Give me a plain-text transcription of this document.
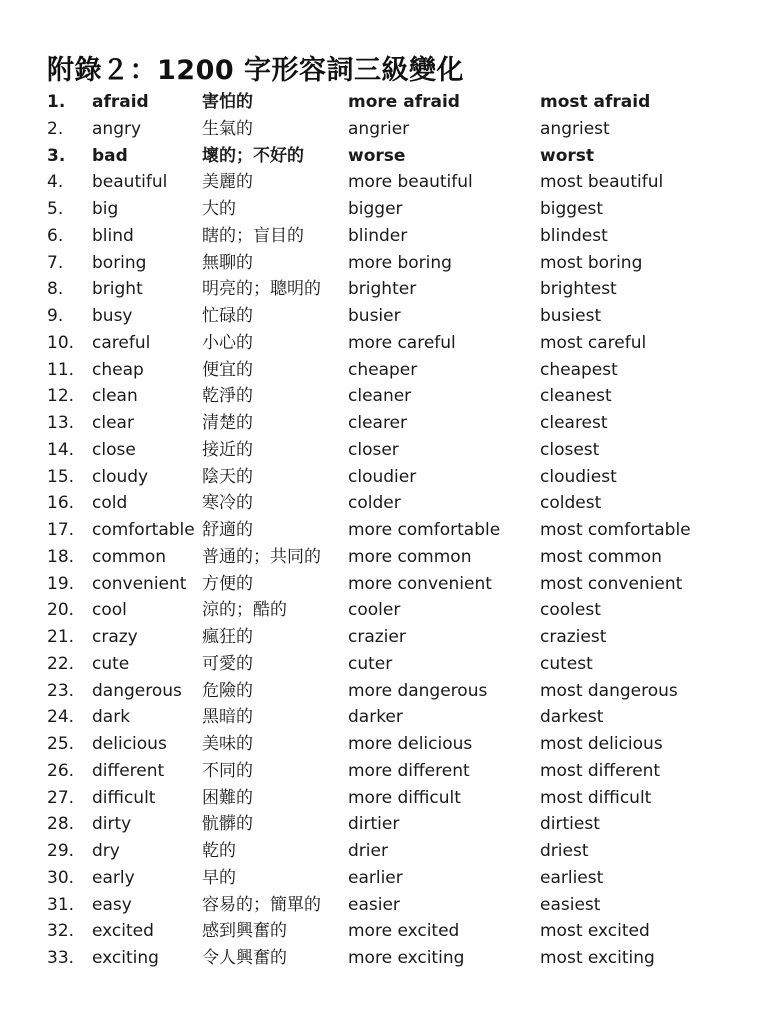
附錄２：1200 字形容詞三級變化
1. afraid	害怕的	more afraid	most afraid
2. angry	生氣的	angrier	angriest
3. bad	壞的；不好的	worse	worst
4. beautiful 美麗的	more beautiful	most beautiful
5. big	大的	bigger	biggest
6. blind	瞎的；盲目的	blinder	blindest
7. boring	無聊的	more boring	most boring
8. bright	明亮的；聰明的 brighter	brightest
9. busy	忙碌的	busier	busiest
10. careful	小心的	more careful	most careful
11. cheap	便宜的	cheaper	cheapest
12. clean	乾淨的	cleaner	cleanest
13. clear	清楚的	clearer	clearest
14. close	接近的	closer	closest
15. cloudy	陰天的	cloudier	cloudiest
16. cold	寒冷的	colder	coldest
17. comfortable 舒適的	more comfortable most comfortable
18. common 普通的；共同的 more common	most common
19. convenient 方便的	more convenient	most convenient
20. cool	涼的；酷的	cooler	coolest
21. crazy	瘋狂的	crazier	craziest
22. cute	可愛的	cuter	cutest
23. dangerous 危險的	more dangerous	most dangerous
24. dark	黑暗的	darker	darkest
25. delicious 美味的	more delicious	most delicious
26. different 不同的	more different	most different
27. difficult	困難的	more difficult	most difficult
28. dirty	骯髒的	dirtier	dirtiest
29. dry	乾的	drier	driest
30. early	早的	earlier	earliest
31. easy	容易的；簡單的 easier	easiest
32. excited	感到興奮的	more excited	most excited
33. exciting	令人興奮的	more exciting	most exciting
